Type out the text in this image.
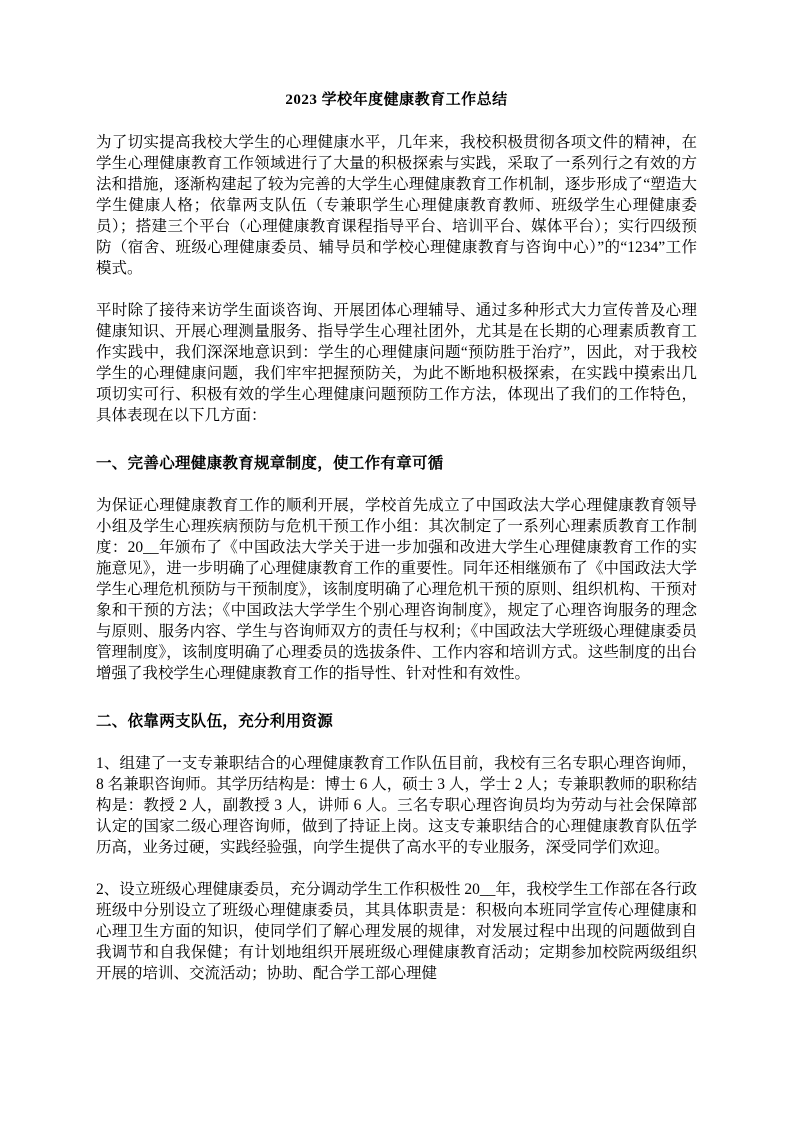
2023 学校年度健康教育工作总结

为了切实提高我校大学生的心理健康水平，几年来，我校积极贯彻各项文件的精神，在学生心理健康教育工作领域进行了大量的积极探索与实践，采取了一系列行之有效的方法和措施，逐渐构建起了较为完善的大学生心理健康教育工作机制，逐步形成了“塑造大学生健康人格；依靠两支队伍（专兼职学生心理健康教育教师、班级学生心理健康委员）；搭建三个平台（心理健康教育课程指导平台、培训平台、媒体平台）；实行四级预防（宿舍、班级心理健康委员、辅导员和学校心理健康教育与咨询中心）”的“1234”工作模式。

平时除了接待来访学生面谈咨询、开展团体心理辅导、通过多种形式大力宣传普及心理健康知识、开展心理测量服务、指导学生心理社团外，尤其是在长期的心理素质教育工作实践中，我们深深地意识到：学生的心理健康问题“预防胜于治疗”，因此，对于我校学生的心理健康问题，我们牢牢把握预防关，为此不断地积极探索，在实践中摸索出几项切实可行、积极有效的学生心理健康问题预防工作方法，体现出了我们的工作特色，具体表现在以下几方面：

一、完善心理健康教育规章制度，使工作有章可循

为保证心理健康教育工作的顺利开展，学校首先成立了中国政法大学心理健康教育领导小组及学生心理疾病预防与危机干预工作小组：其次制定了一系列心理素质教育工作制度：20__年颁布了《中国政法大学关于进一步加强和改进大学生心理健康教育工作的实施意见》，进一步明确了心理健康教育工作的重要性。同年还相继颁布了《中国政法大学学生心理危机预防与干预制度》，该制度明确了心理危机干预的原则、组织机构、干预对象和干预的方法；《中国政法大学学生个别心理咨询制度》，规定了心理咨询服务的理念与原则、服务内容、学生与咨询师双方的责任与权利；《中国政法大学班级心理健康委员管理制度》，该制度明确了心理委员的选拔条件、工作内容和培训方式。这些制度的出台增强了我校学生心理健康教育工作的指导性、针对性和有效性。

二、依靠两支队伍，充分利用资源

1、组建了一支专兼职结合的心理健康教育工作队伍目前，我校有三名专职心理咨询师，8 名兼职咨询师。其学历结构是：博士 6 人，硕士 3 人，学士 2 人；专兼职教师的职称结构是：教授 2 人，副教授 3 人，讲师 6 人。三名专职心理咨询员均为劳动与社会保障部认定的国家二级心理咨询师，做到了持证上岗。这支专兼职结合的心理健康教育队伍学历高，业务过硬，实践经验强，向学生提供了高水平的专业服务，深受同学们欢迎。

2、设立班级心理健康委员，充分调动学生工作积极性 20__年，我校学生工作部在各行政班级中分别设立了班级心理健康委员，其具体职责是：积极向本班同学宣传心理健康和心理卫生方面的知识，使同学们了解心理发展的规律，对发展过程中出现的问题做到自我调节和自我保健；有计划地组织开展班级心理健康教育活动；定期参加校院两级组织开展的培训、交流活动；协助、配合学工部心理健
